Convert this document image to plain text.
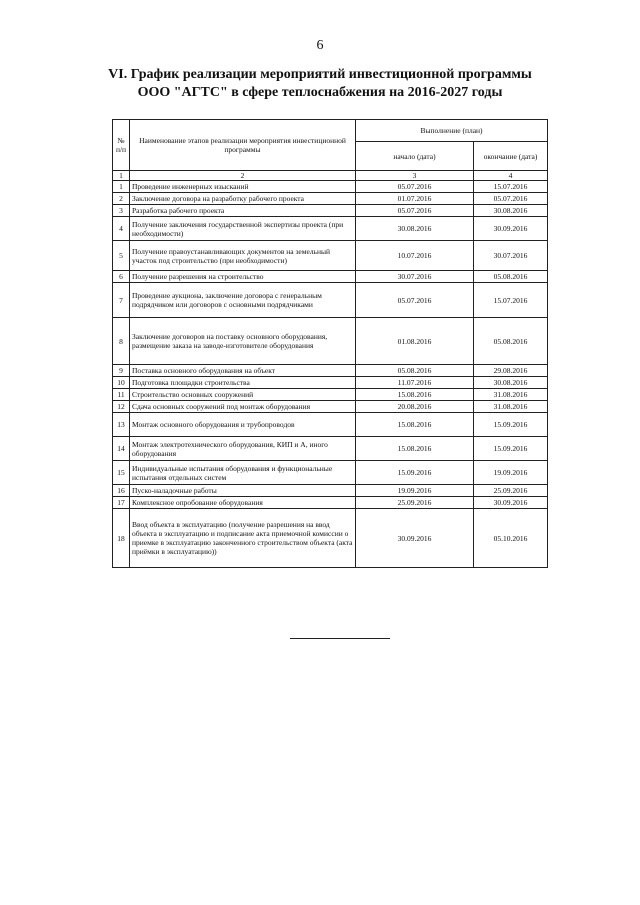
6
VI. График реализации мероприятий инвестиционной программы
ООО "АГТС" в сфере теплоснабжения на 2016-2027 годы
№ п/п	Наименование этапов реализации мероприятия инвестиционной программы	Выполнение (план)	
		начало (дата)	окончание (дата)
1	2	3	4
1	Проведение инженерных изысканий	05.07.2016	15.07.2016
2	Заключение договора на разработку рабочего проекта	01.07.2016	05.07.2016
3	Разработка рабочего проекта	05.07.2016	30.08.2016
4	Получение заключения государственной экспертизы проекта (при необходимости)	30.08.2016	30.09.2016
5	Получение правоустанавливающих документов на земельный участок под строительство (при необходимости)	10.07.2016	30.07.2016
6	Получение разрешения на строительство	30.07.2016	05.08.2016
7	Проведение аукциона, заключение договора с генеральным подрядчиком или договоров с основными подрядчиками	05.07.2016	15.07.2016
8	Заключение договоров на поставку основного оборудования, размещение заказа на заводе-изготовителе оборудования	01.08.2016	05.08.2016
9	Поставка основного оборудования на объект	05.08.2016	29.08.2016
10	Подготовка площадки строительства	11.07.2016	30.08.2016
11	Строительство основных сооружений	15.08.2016	31.08.2016
12	Сдача основных сооружений под монтаж оборудования	20.08.2016	31.08.2016
13	Монтаж основного оборудования и трубопроводов	15.08.2016	15.09.2016
14	Монтаж электротехнического оборудования, КИП и А, иного оборудования	15.08.2016	15.09.2016
15	Индивидуальные испытания оборудования и функциональные испытания отдельных систем	15.09.2016	19.09.2016
16	Пуско-наладочные работы	19.09.2016	25.09.2016
17	Комплексное опробование оборудования	25.09.2016	30.09.2016
18	Ввод объекта в эксплуатацию (получение разрешения на ввод объекта в эксплуатацию и подписание акта приемочной комиссии о приемке в эксплуатацию законченного строительством объекта (акта приёмки в эксплуатацию))	30.09.2016	05.10.2016
